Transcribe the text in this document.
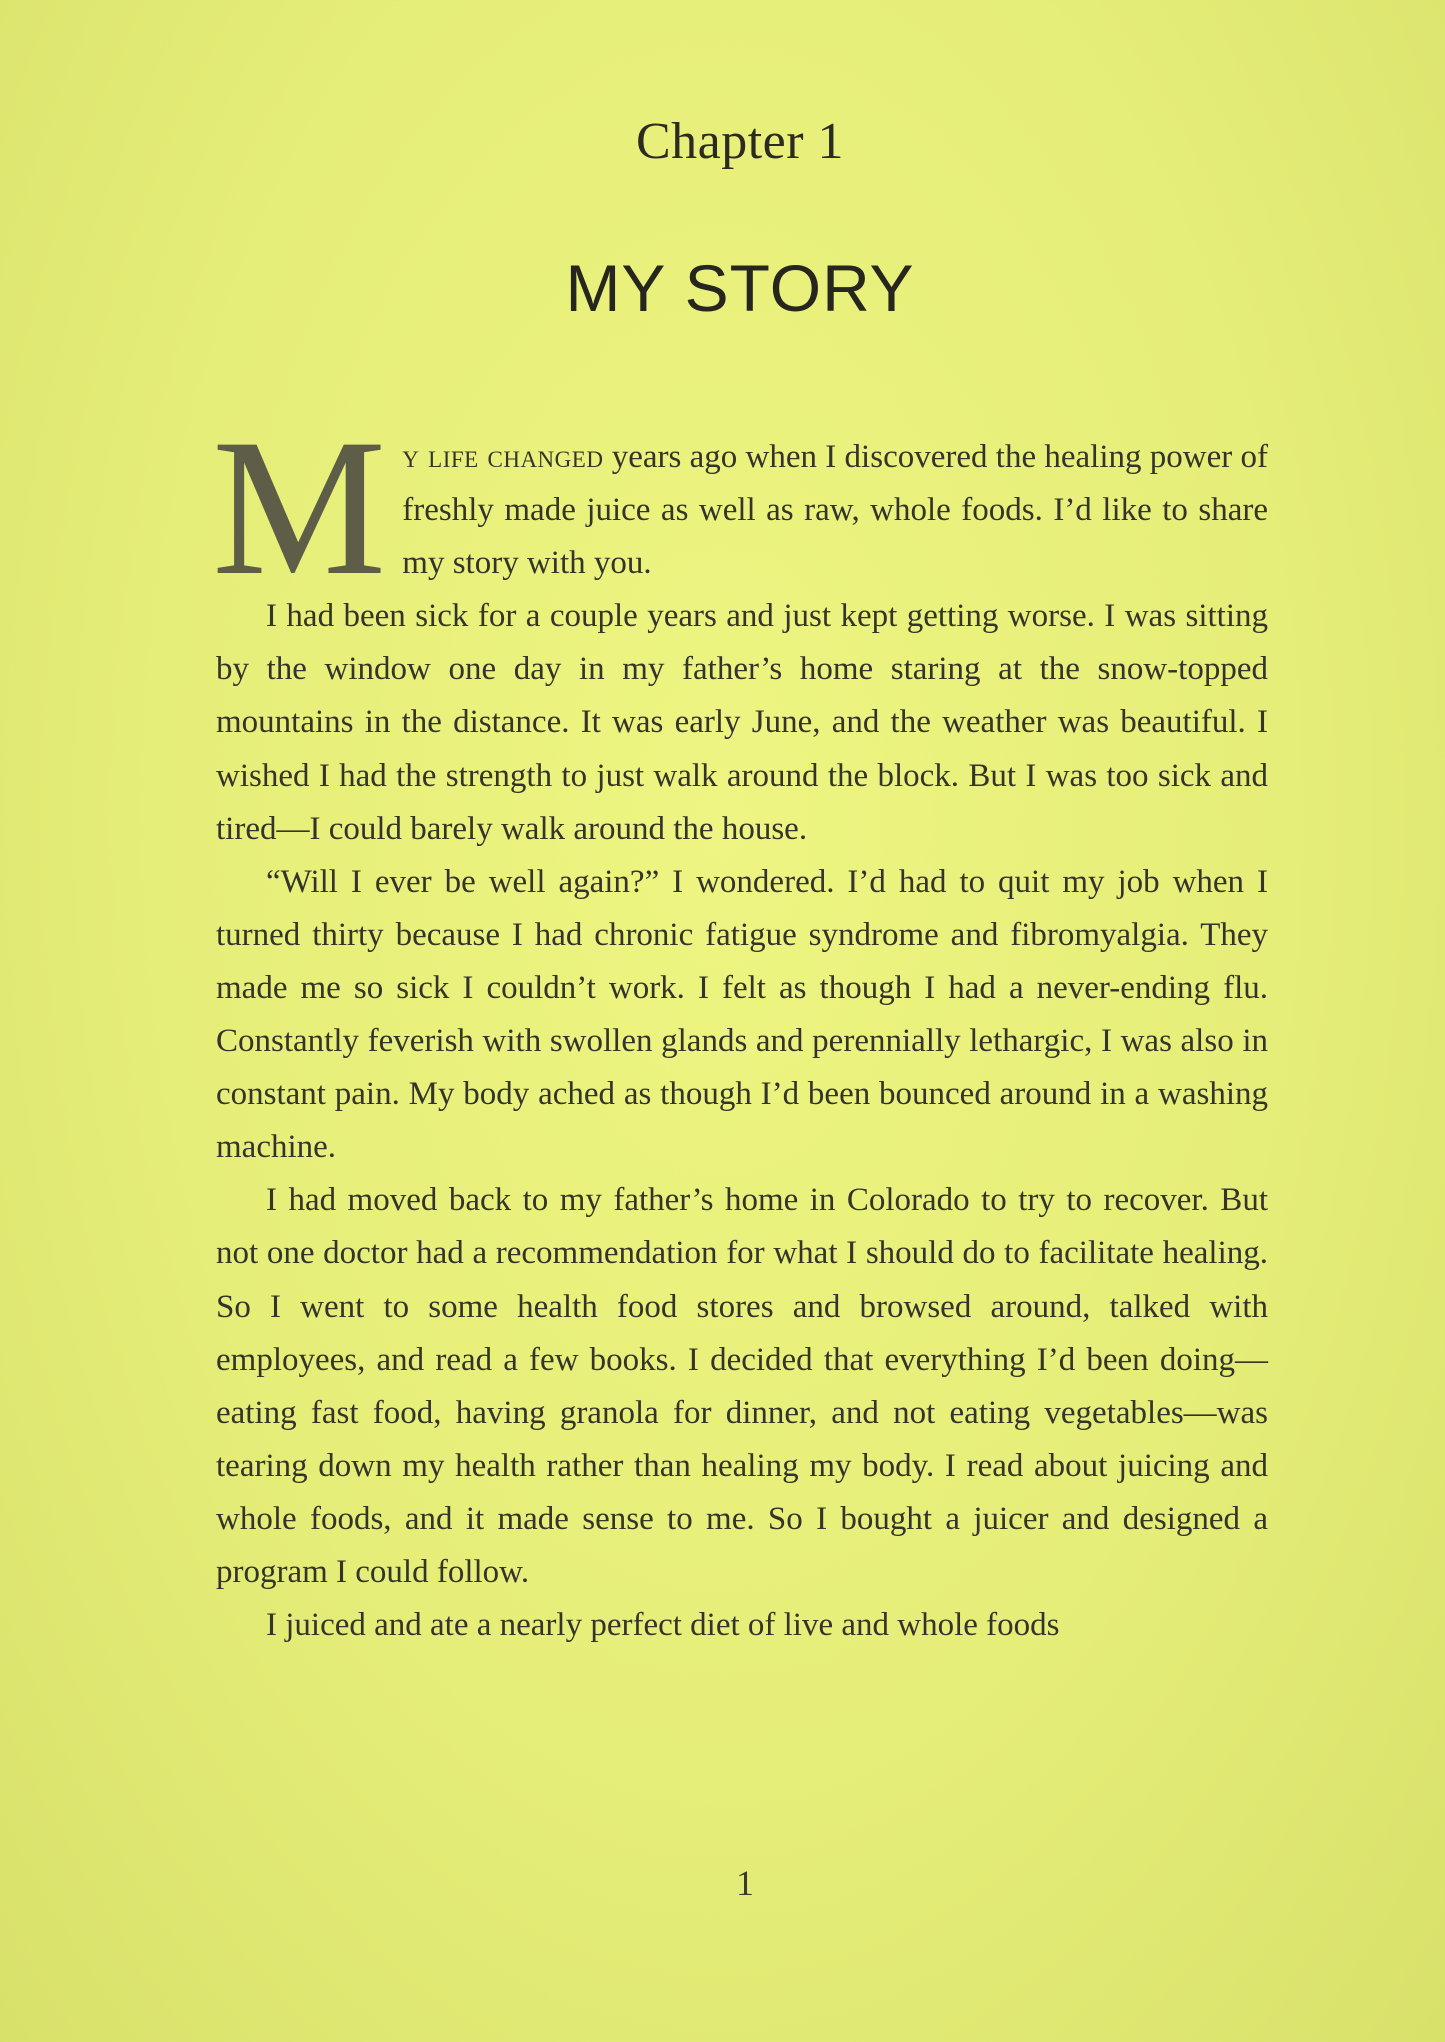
Chapter 1
MY STORY

My life changed years ago when I discovered the healing power of freshly made juice as well as raw, whole foods. I’d like to share my story with you.

I had been sick for a couple years and just kept getting worse. I was sitting by the window one day in my father’s home staring at the snow-topped mountains in the distance. It was early June, and the weather was beautiful. I wished I had the strength to just walk around the block. But I was too sick and tired—I could barely walk around the house.

“Will I ever be well again?” I wondered. I’d had to quit my job when I turned thirty because I had chronic fatigue syndrome and fibromyalgia. They made me so sick I couldn’t work. I felt as though I had a never-ending flu. Constantly feverish with swollen glands and perennially lethargic, I was also in constant pain. My body ached as though I’d been bounced around in a washing machine.

I had moved back to my father’s home in Colorado to try to recover. But not one doctor had a recommendation for what I should do to facilitate healing. So I went to some health food stores and browsed around, talked with employees, and read a few books. I decided that everything I’d been doing—eating fast food, having granola for dinner, and not eating vegetables—was tearing down my health rather than healing my body. I read about juicing and whole foods, and it made sense to me. So I bought a juicer and designed a program I could follow.

I juiced and ate a nearly perfect diet of live and whole foods

1
